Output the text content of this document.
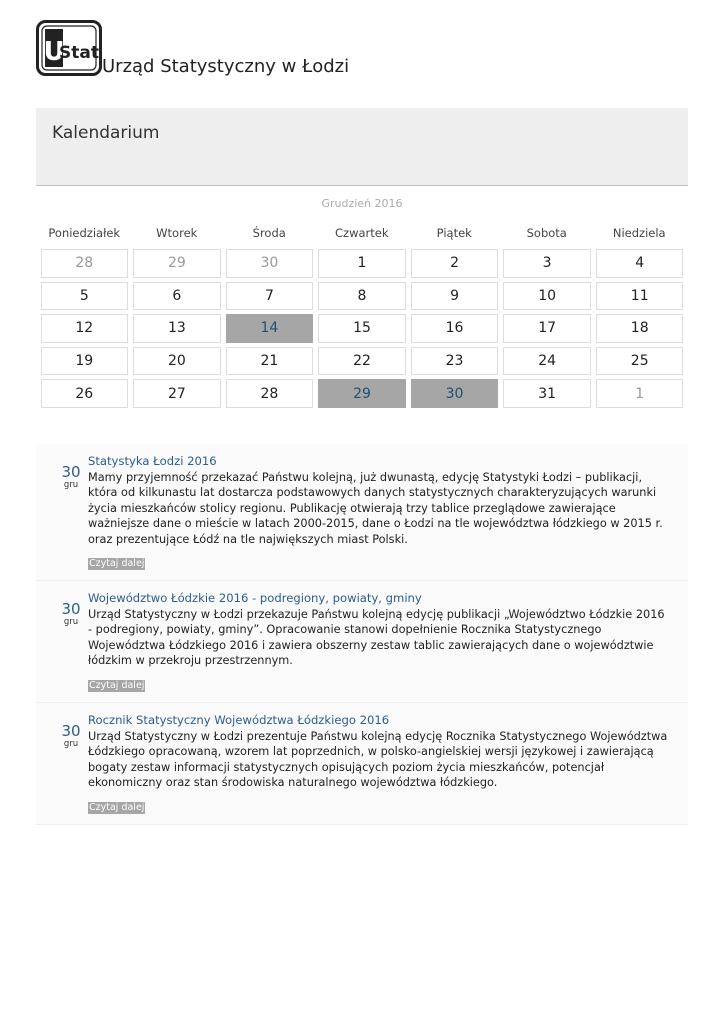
U
Stat
Urząd Statystyczny w Łodzi
Kalendarium
Grudzień 2016
Poniedziałek	Wtorek	Środa	Czwartek	Piątek	Sobota	Niedziela
28	29	30	1	2	3	4
5	6	7	8	9	10	11
12	13	14	15	16	17	18
19	20	21	22	23	24	25
26	27	28	29	30	31	1
30
gru
Statystyka Łodzi 2016
Mamy przyjemność przekazać Państwu kolejną, już dwunastą, edycję Statystyki Łodzi – publikacji, która od kilkunastu lat dostarcza podstawowych danych statystycznych charakteryzujących warunki życia mieszkańców stolicy regionu. Publikację otwierają trzy tablice przeglądowe zawierające ważniejsze dane o mieście w latach 2000-2015, dane o Łodzi na tle województwa łódzkiego w 2015 r. oraz prezentujące Łódź na tle największych miast Polski.
Czytaj dalej
30
gru
Województwo Łódzkie 2016 - podregiony, powiaty, gminy
Urząd Statystyczny w Łodzi przekazuje Państwu kolejną edycję publikacji „Województwo Łódzkie 2016 - podregiony, powiaty, gminy”. Opracowanie stanowi dopełnienie Rocznika Statystycznego Województwa Łódzkiego 2016 i zawiera obszerny zestaw tablic zawierających dane o województwie łódzkim w przekroju przestrzennym.
Czytaj dalej
30
gru
Rocznik Statystyczny Województwa Łódzkiego 2016
Urząd Statystyczny w Łodzi prezentuje Państwu kolejną edycję Rocznika Statystycznego Województwa Łódzkiego opracowaną, wzorem lat poprzednich, w polsko-angielskiej wersji językowej i zawierającą bogaty zestaw informacji statystycznych opisujących poziom życia mieszkańców, potencjał ekonomiczny oraz stan środowiska naturalnego województwa łódzkiego.
Czytaj dalej
